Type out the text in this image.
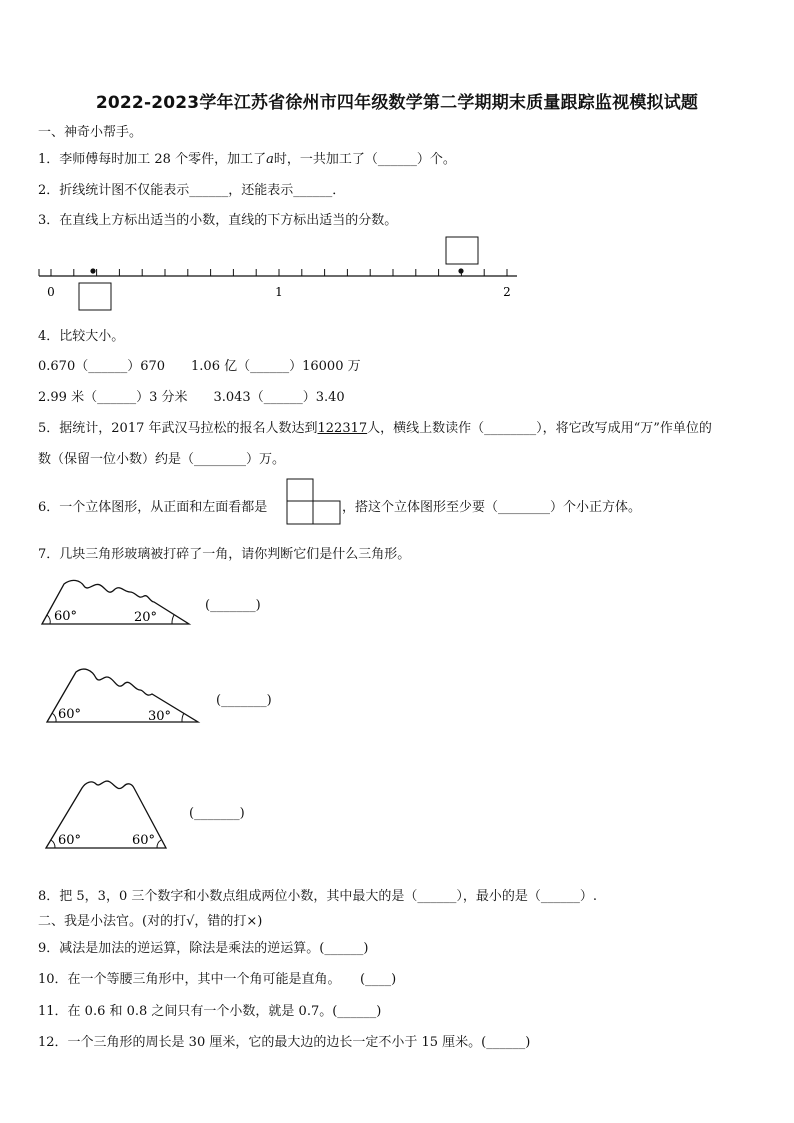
2022-2023学年江苏省徐州市四年级数学第二学期期末质量跟踪监视模拟试题
一、神奇小帮手。
1．李师傅每时加工 28 个零件，加工了a时，一共加工了（______）个。
2．折线统计图不仅能表示______，还能表示______．
3．在直线上方标出适当的小数，直线的下方标出适当的分数。
0	1	2
4．比较大小。
0.670（______）670　　1.06 亿（______）16000 万
2.99 米（______）3 分米　　3.043（______）3.40
5．据统计，2017 年武汉马拉松的报名人数达到122317人，横线上数读作（________），将它改写成用“万”作单位的
数（保留一位小数）约是（________）万。
6．一个立体图形，从正面和左面看都是	，搭这个立体图形至少要（________）个小正方体。
7．几块三角形玻璃被打碎了一角，请你判断它们是什么三角形。
60°	20°
(_______)
60°	30°
(_______)
60°	60°
(_______)
8．把 5，3，0 三个数字和小数点组成两位小数，其中最大的是（______），最小的是（______）.
二、我是小法官。(对的打√，错的打×)
9．减法是加法的逆运算，除法是乘法的逆运算。(______)
10．在一个等腰三角形中，其中一个角可能是直角。　　(____)
11．在 0.6 和 0.8 之间只有一个小数，就是 0.7。(______)
12．一个三角形的周长是 30 厘米，它的最大边的边长一定不小于 15 厘米。(______)
